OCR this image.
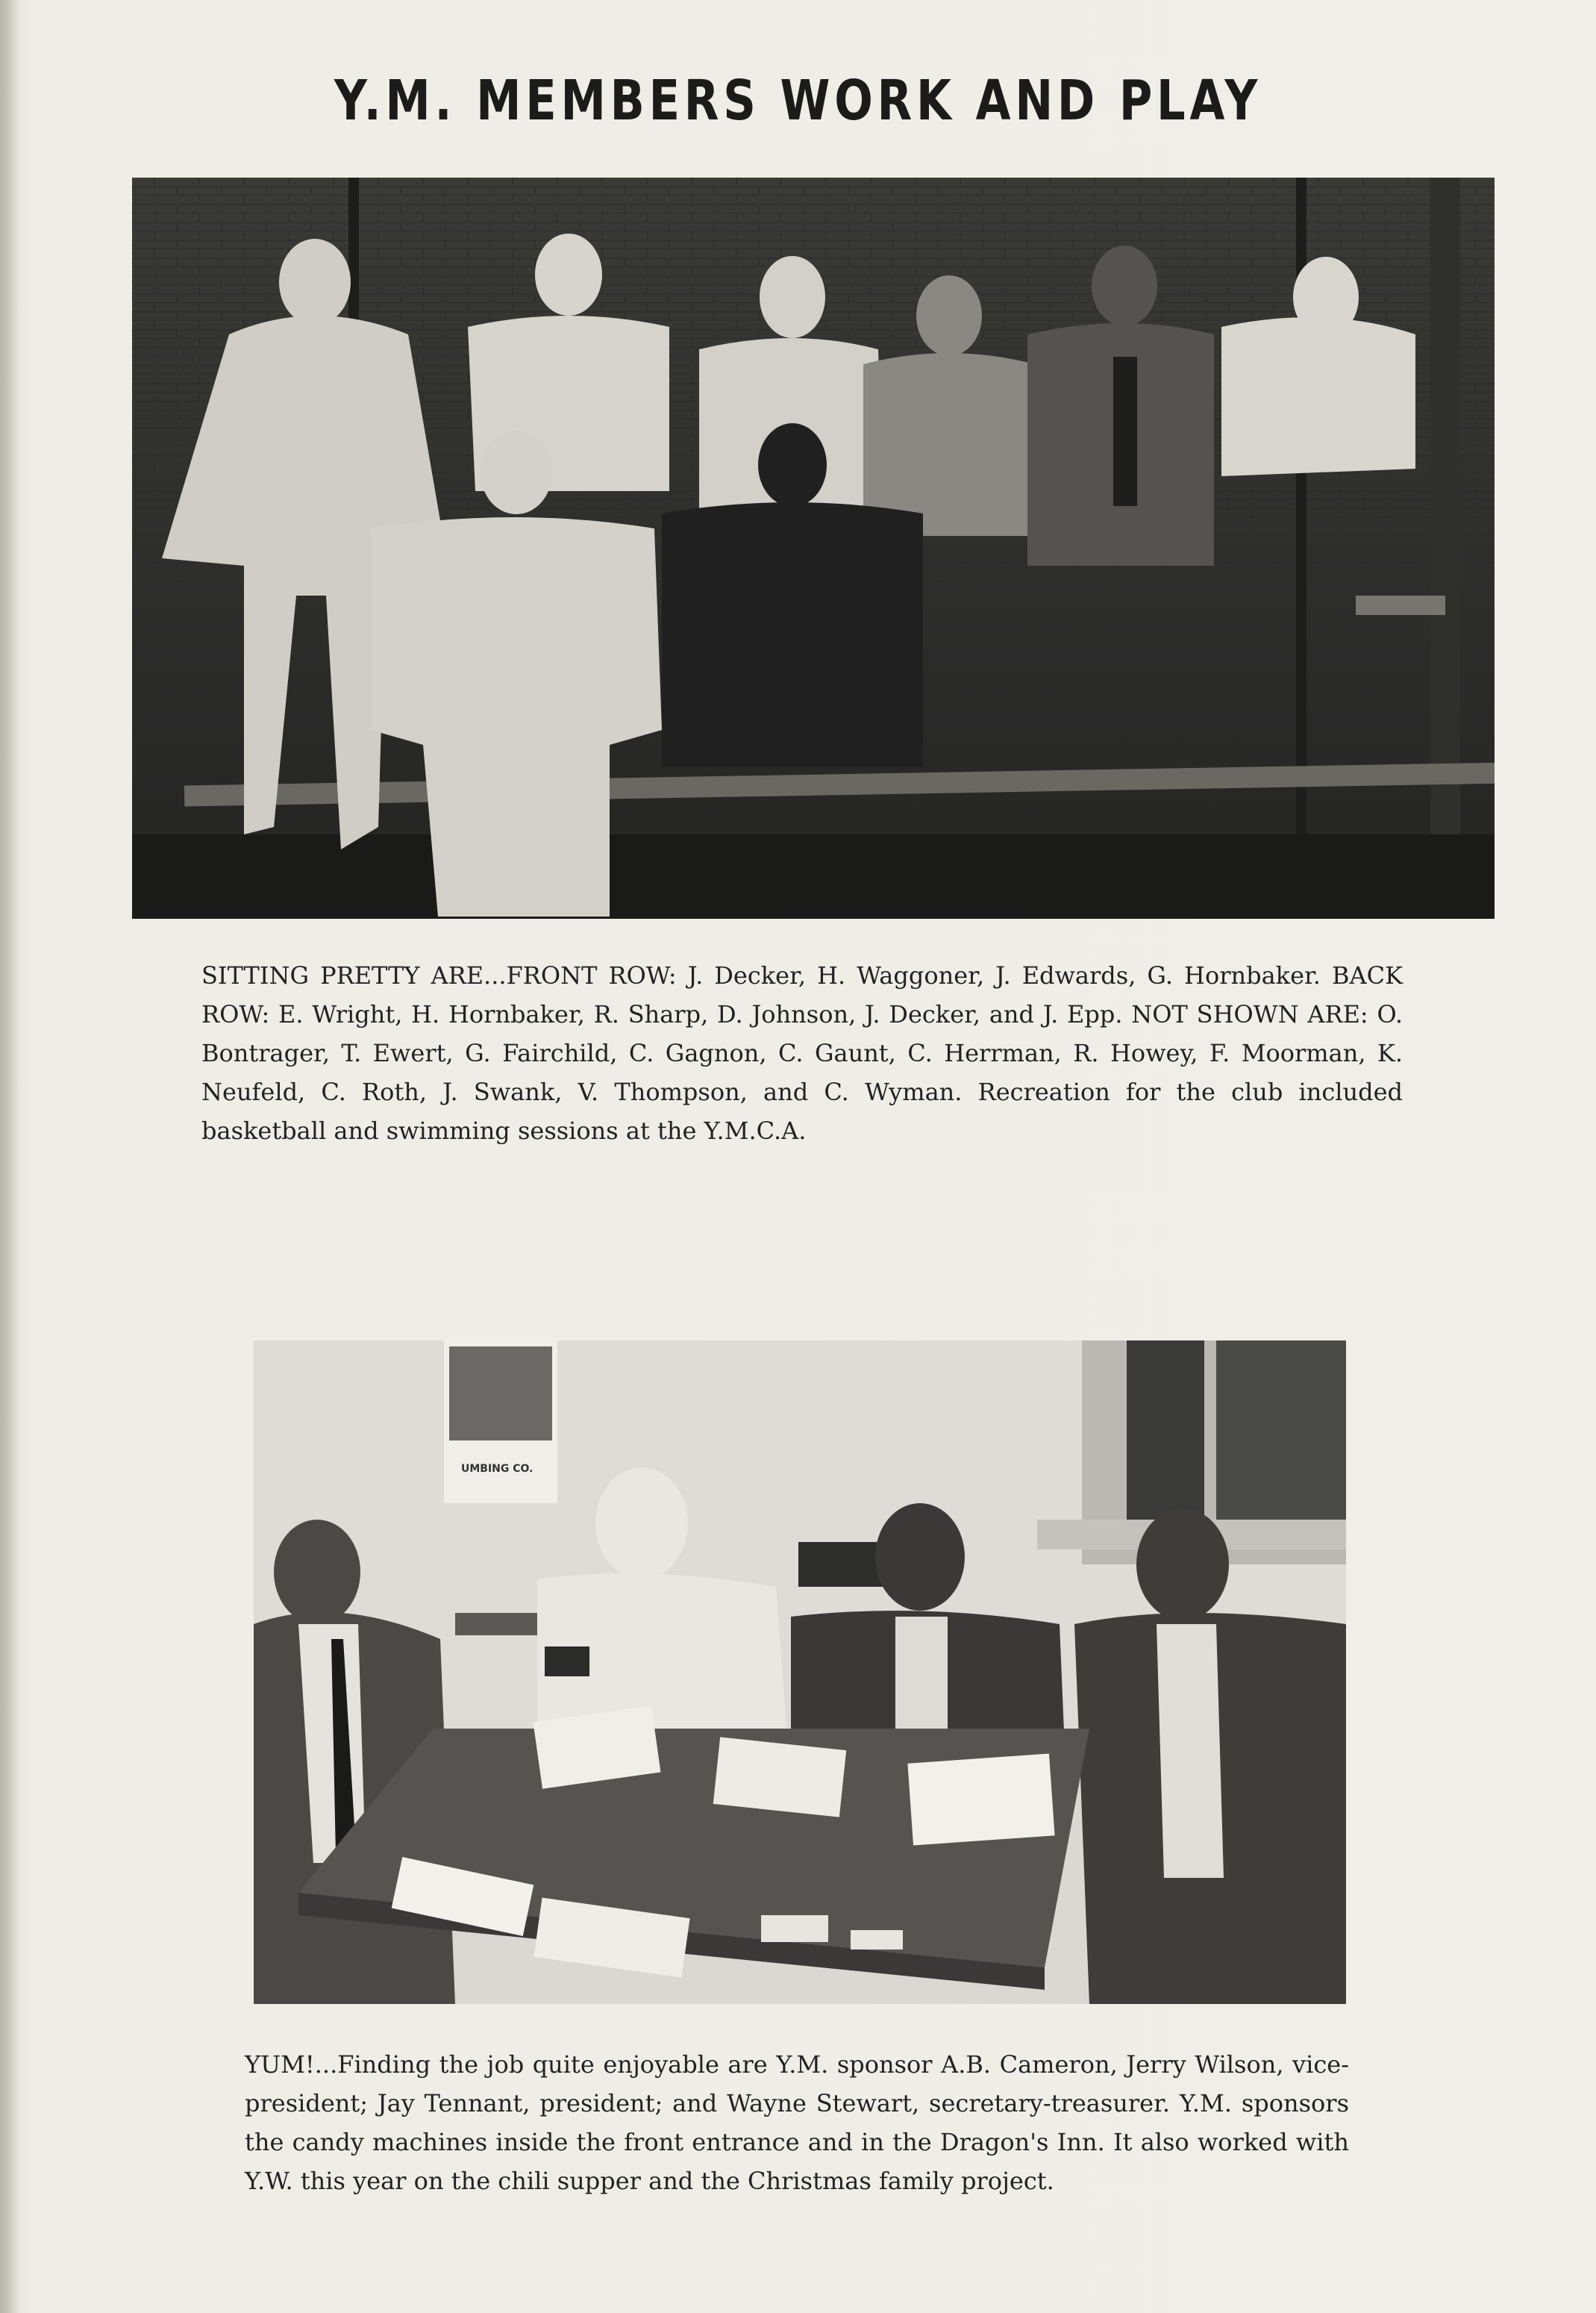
Y.M. MEMBERS WORK AND PLAY
SITTING PRETTY ARE...FRONT ROW: J. Decker, H. Waggoner, J. Edwards, G. Hornbaker. BACK ROW: E. Wright, H. Hornbaker, R. Sharp, D. Johnson, J. Decker, and J. Epp. NOT SHOWN ARE: O. Bontrager, T. Ewert, G. Fairchild, C. Gagnon, C. Gaunt, C. Herrman, R. Howey, F. Moorman, K. Neufeld, C. Roth, J. Swank, V. Thompson, and C. Wyman. Recreation for the club included basketball and swimming sessions at the Y.M.C.A.
UMBING CO.
YUM!...Finding the job quite enjoyable are Y.M. sponsor A.B. Cameron, Jerry Wilson, vice-president; Jay Tennant, president; and Wayne Stewart, secretary-treasurer. Y.M. sponsors the candy machines inside the front entrance and in the Dragon's Inn. It also worked with Y.W. this year on the chili supper and the Christmas family project.
